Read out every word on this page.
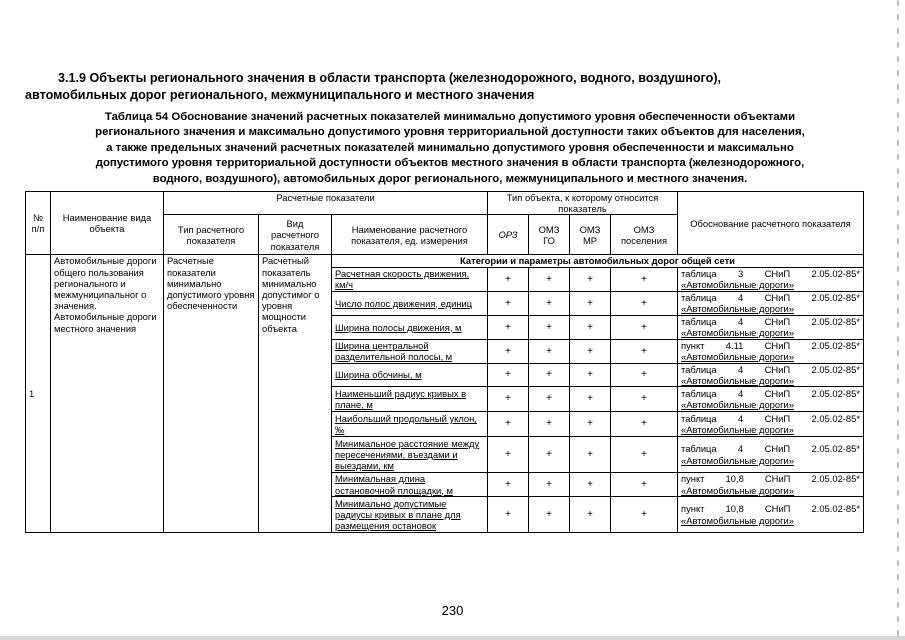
3.1.9 Объекты регионального значения в области транспорта (железнодорожного, водного, воздушного),
автомобильных дорог регионального, межмуниципального и местного значения
Таблица 54 Обоснование значений расчетных показателей минимально допустимого уровня обеспеченности объектами
регионального значения и максимально допустимого уровня территориальной доступности таких объектов для населения,
а также предельных значений расчетных показателей минимально допустимого уровня обеспеченности и максимально
допустимого уровня территориальной доступности объектов местного значения в области транспорта (железнодорожного,
водного, воздушного), автомобильных дорог регионального, межмуниципального и местного значения.
№ п/п	Наименование вида объекта	Расчетные показатели			Тип объекта, к которому относится показатель				Обоснование расчетного показателя
		Тип расчетного показателя	Вид расчетного показателя	Наименование расчетного показателя, ед. измерения	ОРЗ	ОМЗ ГО	ОМЗ МР	ОМЗ поселения	
1	Автомобильные дороги общего пользования регионального и межмуниципальног о значения. Автомобильные дороги местного значения	Расчетные показатели минимально допустимого уровня обеспеченности	Расчетный показатель минимально допустимог о уровня мощности объекта	Категории и параметры автомобильных дорог общей сети					
				Расчетная скорость движения, км/ч	+	+	+	+	таблица 3 СНиП 2.05.02-85*
«Автомобильные дороги»
				Число полос движения, единиц	+	+	+	+	таблица 4 СНиП 2.05.02-85*
«Автомобильные дороги»
				Ширина полосы движения, м	+	+	+	+	таблица 4 СНиП 2.05.02-85*
«Автомобильные дороги»
				Ширина центральной разделительной полосы, м	+	+	+	+	пункт 4.11 СНиП 2.05.02-85*
«Автомобильные дороги»
				Ширина обочины, м	+	+	+	+	таблица 4 СНиП 2.05.02-85*
«Автомобильные дороги»
				Наименьший радиус кривых в плане, м	+	+	+	+	таблица 4 СНиП 2.05.02-85*
«Автомобильные дороги»
				Наибольший продольный уклон, ‰	+	+	+	+	таблица 4 СНиП 2.05.02-85*
«Автомобильные дороги»
				Минимальное расстояние между пересечениями, въездами и выездами, км	+	+	+	+	таблица 4 СНиП 2.05.02-85*
«Автомобильные дороги»
				Минимальная длина остановочной площадки, м	+	+	+	+	пункт 10,8 СНиП 2.05.02-85*
«Автомобильные дороги»
				Минимально допустимые радиусы кривых в плане для размещения остановок	+	+	+	+	пункт 10,8 СНиП 2.05.02-85*
«Автомобильные дороги»
230
